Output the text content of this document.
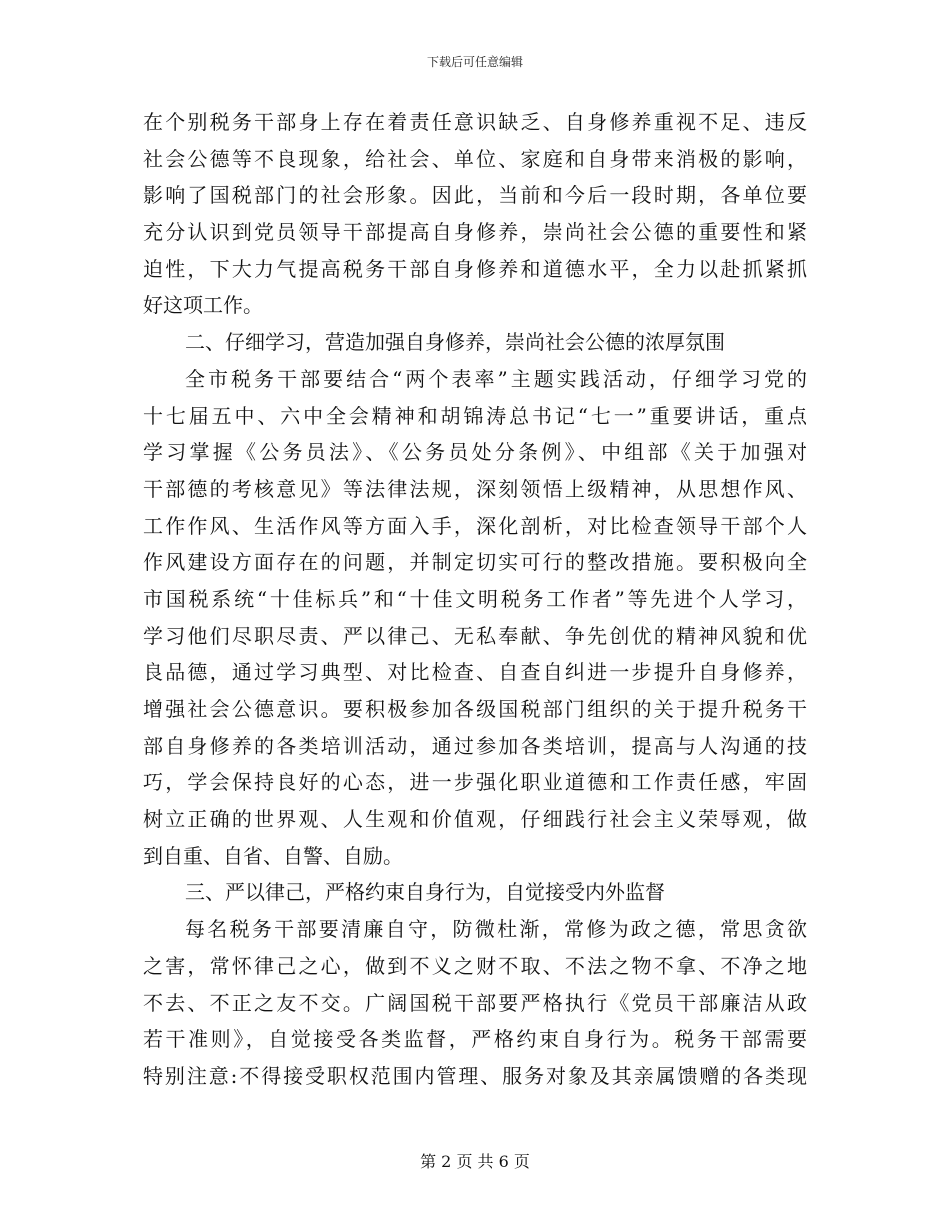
下载后可任意编辑
在个别税务干部身上存在着责任意识缺乏、自身修养重视不足、违反
社会公德等不良现象，给社会、单位、家庭和自身带来消极的影响，
影响了国税部门的社会形象。因此，当前和今后一段时期，各单位要
充分认识到党员领导干部提高自身修养，崇尚社会公德的重要性和紧
迫性，下大力气提高税务干部自身修养和道德水平，全力以赴抓紧抓
好这项工作。
二、仔细学习，营造加强自身修养，崇尚社会公德的浓厚氛围
全市税务干部要结合“两个表率”主题实践活动，仔细学习党的
十七届五中、六中全会精神和胡锦涛总书记“七一”重要讲话，重点
学习掌握《公务员法》、《公务员处分条例》、中组部《关于加强对
干部德的考核意见》等法律法规，深刻领悟上级精神，从思想作风、
工作作风、生活作风等方面入手，深化剖析，对比检查领导干部个人
作风建设方面存在的问题，并制定切实可行的整改措施。要积极向全
市国税系统“十佳标兵”和“十佳文明税务工作者”等先进个人学习，
学习他们尽职尽责、严以律己、无私奉献、争先创优的精神风貌和优
良品德，通过学习典型、对比检查、自查自纠进一步提升自身修养，
增强社会公德意识。要积极参加各级国税部门组织的关于提升税务干
部自身修养的各类培训活动，通过参加各类培训，提高与人沟通的技
巧，学会保持良好的心态，进一步强化职业道德和工作责任感，牢固
树立正确的世界观、人生观和价值观，仔细践行社会主义荣辱观，做
到自重、自省、自警、自励。
三、严以律己，严格约束自身行为，自觉接受内外监督
每名税务干部要清廉自守，防微杜渐，常修为政之德，常思贪欲
之害，常怀律己之心，做到不义之财不取、不法之物不拿、不净之地
不去、不正之友不交。广阔国税干部要严格执行《党员干部廉洁从政
若干准则》，自觉接受各类监督，严格约束自身行为。税务干部需要
特别注意:不得接受职权范围内管理、服务对象及其亲属馈赠的各类现
第 2 页 共 6 页
